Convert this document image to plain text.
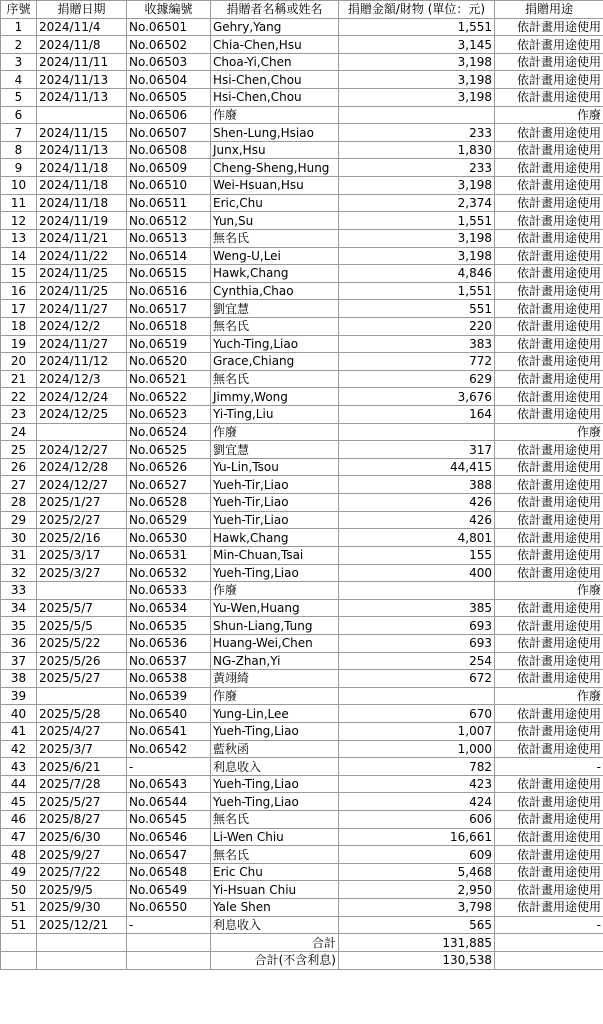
序號	捐贈日期	收據編號	捐贈者名稱或姓名	捐贈金額/財物 (單位：元)	捐贈用途
1	2024/11/4	No.06501	Gehry,Yang	1,551	依計畫用途使用
2	2024/11/8	No.06502	Chia-Chen,Hsu	3,145	依計畫用途使用
3	2024/11/11	No.06503	Choa-Yi,Chen	3,198	依計畫用途使用
4	2024/11/13	No.06504	Hsi-Chen,Chou	3,198	依計畫用途使用
5	2024/11/13	No.06505	Hsi-Chen,Chou	3,198	依計畫用途使用
6		No.06506	作廢		作廢
7	2024/11/15	No.06507	Shen-Lung,Hsiao	233	依計畫用途使用
8	2024/11/13	No.06508	Junx,Hsu	1,830	依計畫用途使用
9	2024/11/18	No.06509	Cheng-Sheng,Hung	233	依計畫用途使用
10	2024/11/18	No.06510	Wei-Hsuan,Hsu	3,198	依計畫用途使用
11	2024/11/18	No.06511	Eric,Chu	2,374	依計畫用途使用
12	2024/11/19	No.06512	Yun,Su	1,551	依計畫用途使用
13	2024/11/21	No.06513	無名氏	3,198	依計畫用途使用
14	2024/11/22	No.06514	Weng-U,Lei	3,198	依計畫用途使用
15	2024/11/25	No.06515	Hawk,Chang	4,846	依計畫用途使用
16	2024/11/25	No.06516	Cynthia,Chao	1,551	依計畫用途使用
17	2024/11/27	No.06517	劉宜慧	551	依計畫用途使用
18	2024/12/2	No.06518	無名氏	220	依計畫用途使用
19	2024/11/27	No.06519	Yuch-Ting,Liao	383	依計畫用途使用
20	2024/11/12	No.06520	Grace,Chiang	772	依計畫用途使用
21	2024/12/3	No.06521	無名氏	629	依計畫用途使用
22	2024/12/24	No.06522	Jimmy,Wong	3,676	依計畫用途使用
23	2024/12/25	No.06523	Yi-Ting,Liu	164	依計畫用途使用
24		No.06524	作廢		作廢
25	2024/12/27	No.06525	劉宜慧	317	依計畫用途使用
26	2024/12/28	No.06526	Yu-Lin,Tsou	44,415	依計畫用途使用
27	2024/12/27	No.06527	Yueh-Tir,Liao	388	依計畫用途使用
28	2025/1/27	No.06528	Yueh-Tir,Liao	426	依計畫用途使用
29	2025/2/27	No.06529	Yueh-Tir,Liao	426	依計畫用途使用
30	2025/2/16	No.06530	Hawk,Chang	4,801	依計畫用途使用
31	2025/3/17	No.06531	Min-Chuan,Tsai	155	依計畫用途使用
32	2025/3/27	No.06532	Yueh-Ting,Liao	400	依計畫用途使用
33		No.06533	作廢		作廢
34	2025/5/7	No.06534	Yu-Wen,Huang	385	依計畫用途使用
35	2025/5/5	No.06535	Shun-Liang,Tung	693	依計畫用途使用
36	2025/5/22	No.06536	Huang-Wei,Chen	693	依計畫用途使用
37	2025/5/26	No.06537	NG-Zhan,Yi	254	依計畫用途使用
38	2025/5/27	No.06538	黃翊綺	672	依計畫用途使用
39		No.06539	作廢		作廢
40	2025/5/28	No.06540	Yung-Lin,Lee	670	依計畫用途使用
41	2025/4/27	No.06541	Yueh-Ting,Liao	1,007	依計畫用途使用
42	2025/3/7	No.06542	藍秋函	1,000	依計畫用途使用
43	2025/6/21	-	利息收入	782	-
44	2025/7/28	No.06543	Yueh-Ting,Liao	423	依計畫用途使用
45	2025/5/27	No.06544	Yueh-Ting,Liao	424	依計畫用途使用
46	2025/8/27	No.06545	無名氏	606	依計畫用途使用
47	2025/6/30	No.06546	Li-Wen Chiu	16,661	依計畫用途使用
48	2025/9/27	No.06547	無名氏	609	依計畫用途使用
49	2025/7/22	No.06548	Eric Chu	5,468	依計畫用途使用
50	2025/9/5	No.06549	Yi-Hsuan Chiu	2,950	依計畫用途使用
51	2025/9/30	No.06550	Yale Shen	3,798	依計畫用途使用
51	2025/12/21	-	利息收入	565	-
			合計	131,885	
			合計(不含利息)	130,538	
